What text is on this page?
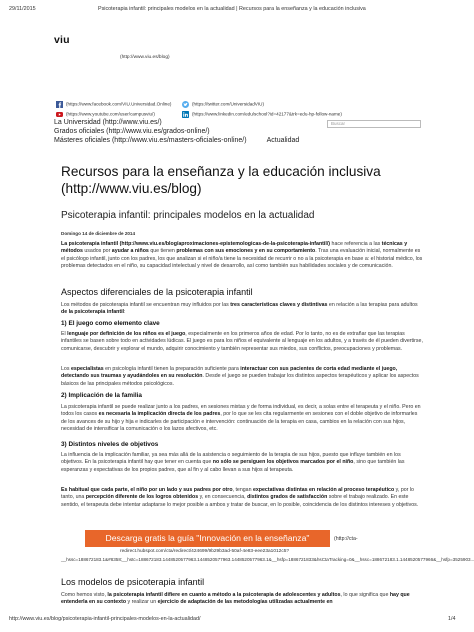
29/11/2015	Psicoterapia infantil: principales modelos en la actualidad | Recursos para la enseñanza y la educación inclusiva
viu
(http://www.viu.es/blog)
(https://www.facebook.com/VIU.Universidad.Online)	(https://twitter.com/UniversidadVIU)
(https://www.youtube.com/user/campusviu/)	(https://www.linkedin.com/edu/school?id=42177&trk=edu-hp-follow-name)
La Universidad (http://www.viu.es/)	Buscar
Grados oficiales (http://www.viu.es/grados-online/)
Másteres oficiales (http://www.viu.es/masters-oficiales-online/)	Actualidad
Recursos para la enseñanza y la educación inclusiva (http://www.viu.es/blog)
Psicoterapia infantil: principales modelos en la actualidad
Domingo 14 de diciembre de 2014
La psicoterapia infantil (http://www.viu.es/blog/aproximaciones-epistemologicas-de-la-psicoterapia-infantil/) hace referencia a las técnicas y métodos usados por ayudar a niños que tienen problemas con sus emociones y en su comportamiento. Tras una evaluación inicial, normalmente es el psicólogo infantil, junto con los padres, los que analizan si el niño/a tiene la necesidad de recurrir o no a la psicoterapia en base a: el historial médico, los problemas detectados en el niño, su capacidad intelectual y nivel de desarrollo, así como también sus habilidades sociales y de comunicación.
Aspectos diferenciales de la psicoterapia infantil
Los métodos de psicoterapia infantil se encuentran muy influidos por las tres características claves y distintivas en relación a las terapias para adultos de la psicoterapia infantil:
1) El juego como elemento clave
El lenguaje por definición de los niños es el juego, especialmente en los primeros años de edad. Por lo tanto, no es de extrañar que las terapias infantiles se basen sobre todo en actividades lúdicas. El juego es para los niños el equivalente al lenguaje en los adultos, y a través de él pueden divertirse, comunicarse, descubrir y explorar el mundo, adquirir conocimiento y también representar sus miedos, sus conflictos, preocupaciones y problemas.
Los especialistas en psicología infantil tienen la preparación suficiente para interactuar con sus pacientes de corta edad mediante el juego, detectando sus traumas y ayudándoles en su resolución. Desde el juego se pueden trabajar los distintos aspectos terapéuticos y aplicar los aspectos básicos de las principales métodos psicológicos.
2) Implicación de la familia
La psicoterapia infantil se puede realizar junto a los padres, en sesiones mixtas y de forma individual, es decir, a solas entre el terapeuta y el niño. Pero en todos los casos es necesaria la implicación directa de los padres, por lo que se les cita regularmente en sesiones con el doble objetivo de informarles de los avances de su hijo y hija e indicarles de participación e intervención: continuación de la terapia en casa, cambios en la relación con sus hijos, necesidad de intensificar la comunicación o los lazos afectivos, etc.
3) Distintos niveles de objetivos
La influencia de la implicación familiar, ya sea más allá de la asistencia o seguimiento de la terapia de sus hijos, puesto que influye también en los objetivos. En la psicoterapia infantil hay que tener en cuenta que no sólo se persiguen los objetivos marcados por el niño, sino que también las esperanzas y expectativas de los propios padres, que al fin y al cabo llevan a sus hijos al terapeuta.
Es habitual que cada parte, el niño por un lado y sus padres por otro, tengan expectativas distintas en relación al proceso terapéutico y, por lo tanto, una percepción diferente de los logros obtenidos y, en consecuencia, distintos grados de satisfacción sobre el trabajo realizado. En este sentido, el terapeuta debe intentar adaptarse lo mejor posible a ambos y tratar de buscar, en lo posible, coincidencia de los distintos intereses y objetivos.
Descarga gratis la guía "Innovación en la enseñanza"	(http://cta-
redirect.hubspot.com/cta/redirect/424699/9b29b3ad-50af-4e83-eee23a1012c5?
__hssc=188672183.1&#8358;__hstc=188672183.1448520577963.1448520577963.1448520577963.1&__hsfp=1886721833&hsCtaTracking=0&__hssc=188672183.1.1448520577966&__hsfp=3525903...
Los modelos de psicoterapia infantil
Como hemos visto, la psicoterapia infantil difiere en cuanto a método a la psicoterapia de adolescentes y adultos, lo que significa que hay que entenderla en su contexto y realizar un ejercicio de adaptación de las metodologías utilizadas actualmente en
http://www.viu.es/blog/psicoterapia-infantil-principales-modelos-en-la-actualidad/	1/4
